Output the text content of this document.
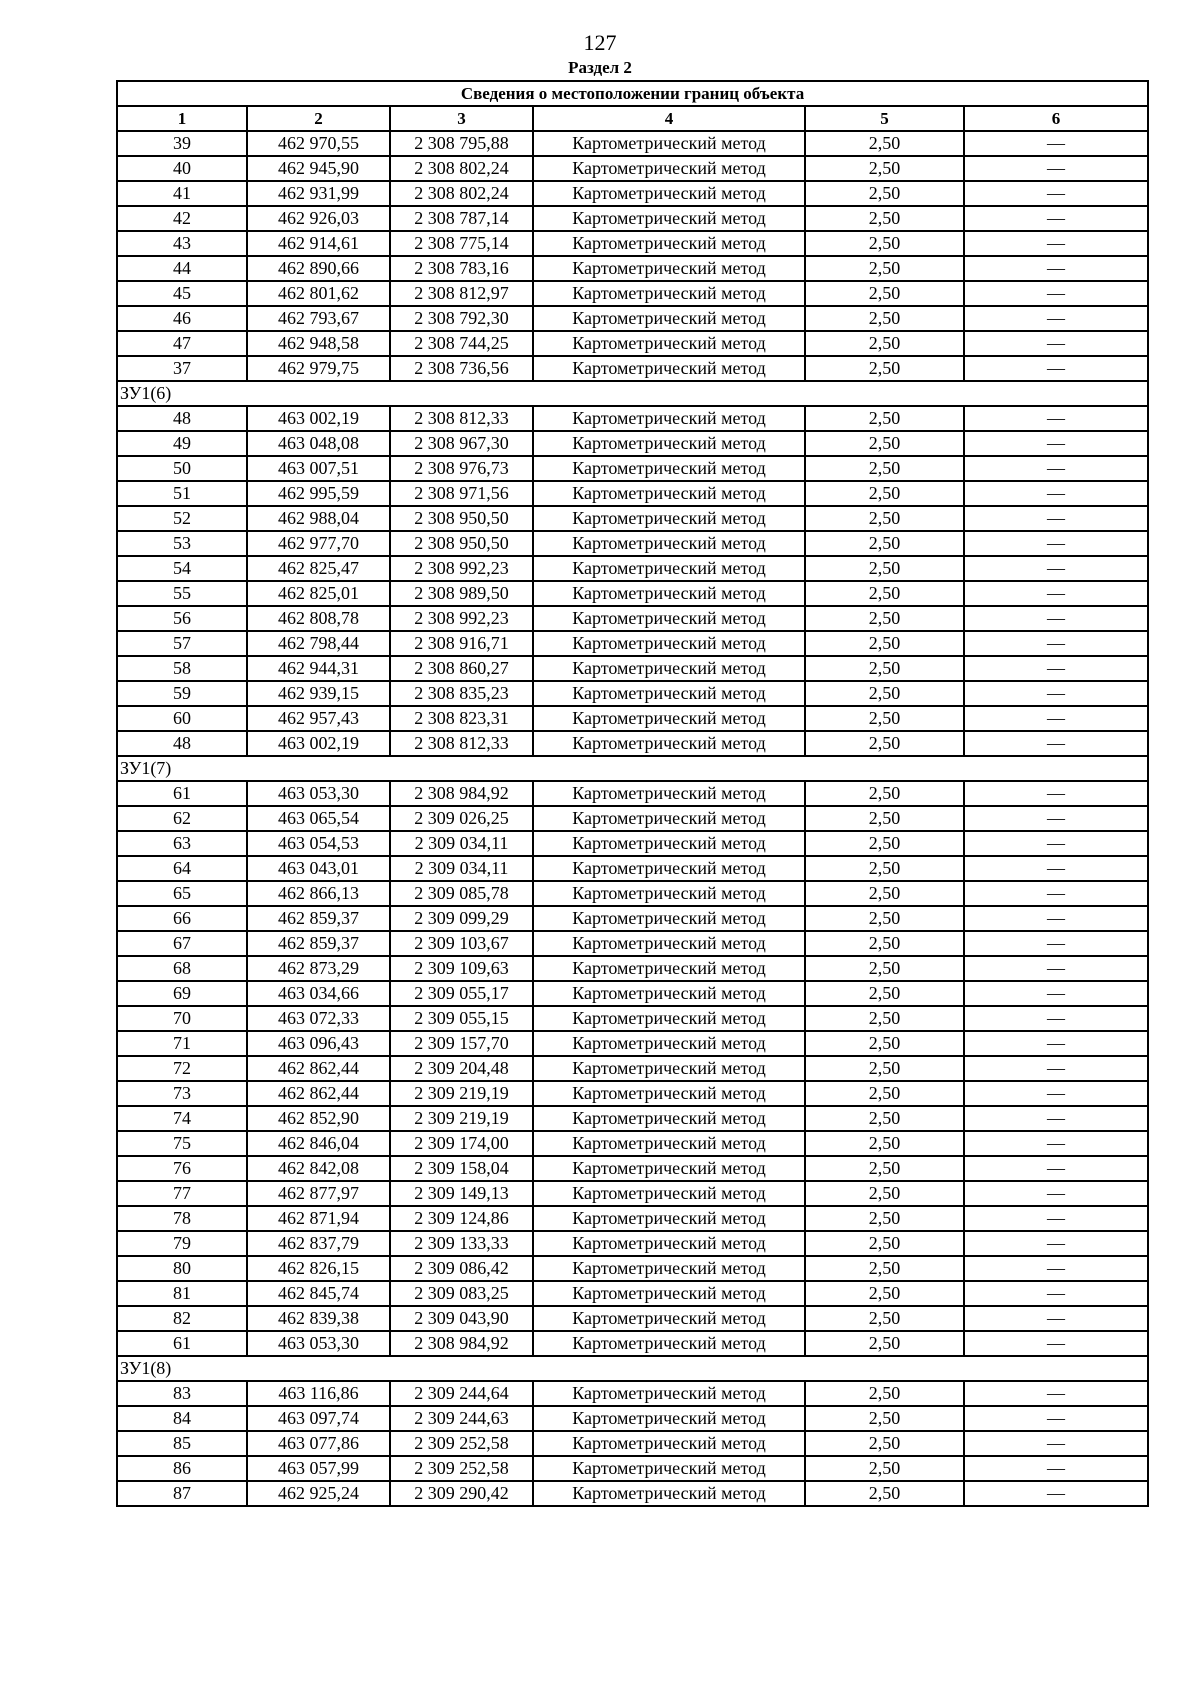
127
Раздел 2
Сведения о местоположении границ объекта					
1	2	3	4	5	6
39	462 970,55	2 308 795,88	Картометрический метод	2,50	—
40	462 945,90	2 308 802,24	Картометрический метод	2,50	—
41	462 931,99	2 308 802,24	Картометрический метод	2,50	—
42	462 926,03	2 308 787,14	Картометрический метод	2,50	—
43	462 914,61	2 308 775,14	Картометрический метод	2,50	—
44	462 890,66	2 308 783,16	Картометрический метод	2,50	—
45	462 801,62	2 308 812,97	Картометрический метод	2,50	—
46	462 793,67	2 308 792,30	Картометрический метод	2,50	—
47	462 948,58	2 308 744,25	Картометрический метод	2,50	—
37	462 979,75	2 308 736,56	Картометрический метод	2,50	—
ЗУ1(6)					
48	463 002,19	2 308 812,33	Картометрический метод	2,50	—
49	463 048,08	2 308 967,30	Картометрический метод	2,50	—
50	463 007,51	2 308 976,73	Картометрический метод	2,50	—
51	462 995,59	2 308 971,56	Картометрический метод	2,50	—
52	462 988,04	2 308 950,50	Картометрический метод	2,50	—
53	462 977,70	2 308 950,50	Картометрический метод	2,50	—
54	462 825,47	2 308 992,23	Картометрический метод	2,50	—
55	462 825,01	2 308 989,50	Картометрический метод	2,50	—
56	462 808,78	2 308 992,23	Картометрический метод	2,50	—
57	462 798,44	2 308 916,71	Картометрический метод	2,50	—
58	462 944,31	2 308 860,27	Картометрический метод	2,50	—
59	462 939,15	2 308 835,23	Картометрический метод	2,50	—
60	462 957,43	2 308 823,31	Картометрический метод	2,50	—
48	463 002,19	2 308 812,33	Картометрический метод	2,50	—
ЗУ1(7)					
61	463 053,30	2 308 984,92	Картометрический метод	2,50	—
62	463 065,54	2 309 026,25	Картометрический метод	2,50	—
63	463 054,53	2 309 034,11	Картометрический метод	2,50	—
64	463 043,01	2 309 034,11	Картометрический метод	2,50	—
65	462 866,13	2 309 085,78	Картометрический метод	2,50	—
66	462 859,37	2 309 099,29	Картометрический метод	2,50	—
67	462 859,37	2 309 103,67	Картометрический метод	2,50	—
68	462 873,29	2 309 109,63	Картометрический метод	2,50	—
69	463 034,66	2 309 055,17	Картометрический метод	2,50	—
70	463 072,33	2 309 055,15	Картометрический метод	2,50	—
71	463 096,43	2 309 157,70	Картометрический метод	2,50	—
72	462 862,44	2 309 204,48	Картометрический метод	2,50	—
73	462 862,44	2 309 219,19	Картометрический метод	2,50	—
74	462 852,90	2 309 219,19	Картометрический метод	2,50	—
75	462 846,04	2 309 174,00	Картометрический метод	2,50	—
76	462 842,08	2 309 158,04	Картометрический метод	2,50	—
77	462 877,97	2 309 149,13	Картометрический метод	2,50	—
78	462 871,94	2 309 124,86	Картометрический метод	2,50	—
79	462 837,79	2 309 133,33	Картометрический метод	2,50	—
80	462 826,15	2 309 086,42	Картометрический метод	2,50	—
81	462 845,74	2 309 083,25	Картометрический метод	2,50	—
82	462 839,38	2 309 043,90	Картометрический метод	2,50	—
61	463 053,30	2 308 984,92	Картометрический метод	2,50	—
ЗУ1(8)					
83	463 116,86	2 309 244,64	Картометрический метод	2,50	—
84	463 097,74	2 309 244,63	Картометрический метод	2,50	—
85	463 077,86	2 309 252,58	Картометрический метод	2,50	—
86	463 057,99	2 309 252,58	Картометрический метод	2,50	—
87	462 925,24	2 309 290,42	Картометрический метод	2,50	—
